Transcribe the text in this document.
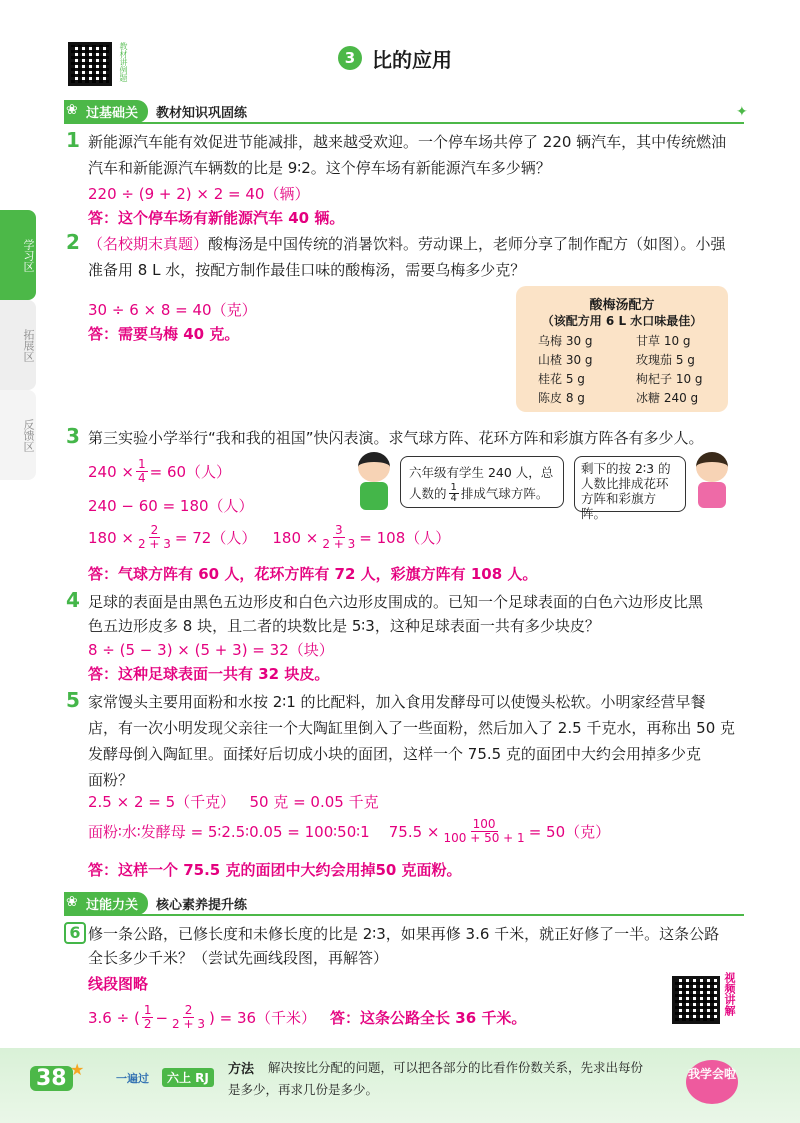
教材讲例题	3 比的应用
❀ 过基础关	教材知识巩固练	✦
学习区
拓展区
反馈区
1 新能源汽车能有效促进节能减排，越来越受欢迎。一个停车场共停了 220 辆汽车，其中传统燃油
汽车和新能源汽车辆数的比是 9∶2。这个停车场有新能源汽车多少辆？
220 ÷ (9 + 2) × 2 = 40（辆）
答：这个停车场有新能源汽车 40 辆。
2 （名校期末真题）酸梅汤是中国传统的消暑饮料。劳动课上，老师分享了制作配方（如图）。小强
准备用 8 L 水，按配方制作最佳口味的酸梅汤，需要乌梅多少克？
30 ÷ 6 × 8 = 40（克）
答：需要乌梅 40 克。
酸梅汤配方
（该配方用 6 L 水口味最佳）
乌梅 30 g	甘草 10 g
山楂 30 g	玫瑰茄 5 g
桂花 5 g	枸杞子 10 g
陈皮 8 g	冰糖 240 g
3 第三实验小学举行“我和我的祖国”快闪表演。求气球方阵、花环方阵和彩旗方阵各有多少人。
$240 \times \frac{1}{4} = 60$（人）
240 − 60 = 180（人）
$180 \times \frac{2}{2 + 3} = 72$（人） $180 \times \frac{3}{2 + 3} = 108$（人）
答：气球方阵有 60 人，花环方阵有 72 人，彩旗方阵有 108 人。
六年级有学生 240 人，总
人数的 $\frac{1}{4}$ 排成气球方阵。
剩下的按 2∶3 的
人数比排成花环
方阵和彩旗方阵。
4 足球的表面是由黑色五边形皮和白色六边形皮围成的。已知一个足球表面的白色六边形皮比黑
色五边形皮多 8 块，且二者的块数比是 5∶3，这种足球表面一共有多少块皮？
8 ÷ (5 − 3) × (5 + 3) = 32（块）
答：这种足球表面一共有 32 块皮。
5 家常馒头主要用面粉和水按 2∶1 的比配料，加入食用发酵母可以使馒头松软。小明家经营早餐
店，有一次小明发现父亲往一个大陶缸里倒入了一些面粉，然后加入了 2.5 千克水，再称出 50 克
发酵母倒入陶缸里。面揉好后切成小块的面团，这样一个 75.5 克的面团中大约会用掉多少克
面粉？
2.5 × 2 = 5（千克）   50 克 = 0.05 千克
面粉∶水∶发酵母 = 5∶2.5∶0.05 = 100∶50∶1    $75.5 \times \frac{100}{100 + 50 + 1} = 50$（克）
答：这样一个 75.5 克的面团中大约会用掉50 克面粉。
❀ 过能力关	核心素养提升练
6 修一条公路，已修长度和未修长度的比是 2∶3，如果再修 3.6 千米，就正好修了一半。这条公路
全长多少千米？（尝试先画线段图，再解答）
线段图略
3.6 ÷ ( $\frac{1}{2} - \frac{2}{2 + 3}$ ) = 36（千米） 答：这条公路全长 36 千米。
视频讲解
38 ★	一遍过	六上 RJ
方法 解决按比分配的问题，可以把各部分的比看作份数关系，先求出每份
是多少，再求几份是多少。
我学会啦
